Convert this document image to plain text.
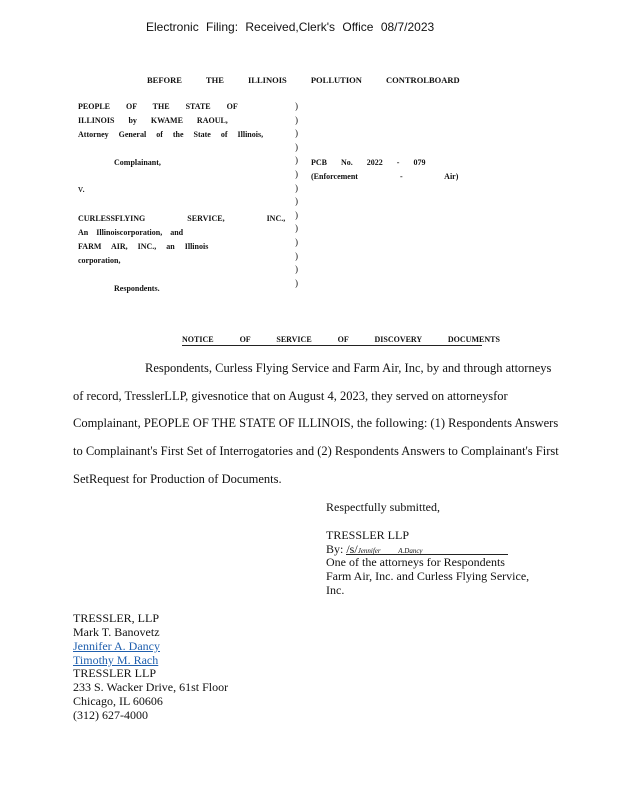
Electronic Filing: Received,Clerk's Office 08/7/2023
BEFORE THE ILLINOIS POLLUTION CONTROLBOARD
PEOPLE OF THE STATE OF
ILLINOIS by KWAME RAOUL,
Attorney General of the State of Illinois,
Complainant,
v.
CURLESSFLYING SERVICE, INC.,
An Illinoiscorporation, and
FARM AIR, INC., an Illinois
corporation,
Respondents.
)
)
)
)
)
)
)
)
)
)
)
)
)
)
PCB No. 2022 - 079
(Enforcement - Air)
NOTICE OF SERVICE OF DISCOVERY DOCUMENTS
Respondents, Curless Flying Service and Farm Air, Inc, by and through attorneys
of record, TresslerLLP, givesnotice that on August 4, 2023, they served on attorneysfor
Complainant, PEOPLE OF THE STATE OF ILLINOIS, the following: (1) Respondents Answers
to Complainant's First Set of Interrogatories and (2) Respondents Answers to Complainant's First
SetRequest for Production of Documents.
Respectfully submitted,
TRESSLER LLP
By: /s/Jennifer A.Dancy
One of the attorneys for Respondents
Farm Air, Inc. and Curless Flying Service,
Inc.
TRESSLER, LLP
Mark T. Banovetz
Jennifer A. Dancy
Timothy M. Rach
TRESSLER LLP
233 S. Wacker Drive, 61st Floor
Chicago, IL 60606
(312) 627-4000
